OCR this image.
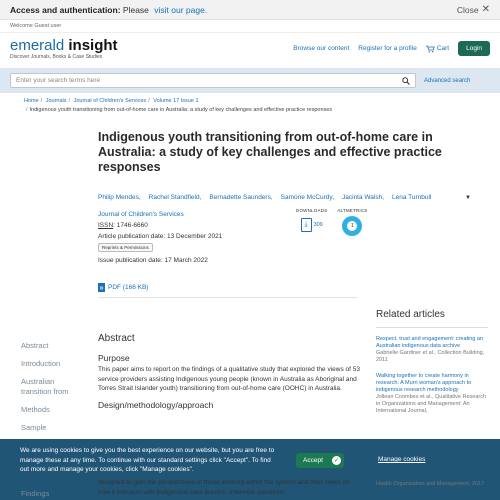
Access and authentication: Please visit our page.	Close ✕
Welcome Guest user
emerald insight
Discover Journals, Books & Case Studies
Browse our content Register for a profile	Cart	Login
Enter your search terms here	Advanced search
Home / Journals / Journal of Children's Services / Volume 17 Issue 1
/ Indigenous youth transitioning from out-of-home care in Australia: a study of key challenges and effective practice responses
Indigenous youth transitioning from out-of-home care in Australia: a study of key challenges and effective practice responses
Philip Mendes, Rachel Standfield, Bernadette Saunders, Samone McCurdy, Jacinta Walsh, Lena Turnbull	▼
Journal of Children's Services
ISSN: 1746-6660
Article publication date: 13 December 2021
Reprints & Permissions
Issue publication date: 17 March 2022
DOWNLOADS
⤓	309
ALTMETRICS
1
▤ PDF (166 KB)
Abstract
Introduction
Australian transition from
Methods
Sample
Abstract
Purpose

This paper aims to report on the findings of a qualitative study that explored the views of 53 service providers assisting Indigenous young people (known in Australia as Aboriginal and Torres Strait Islander youth) transitioning from out-of-home care (OOHC) in Australia.

Design/methodology/approach
Related articles
Respect, trust and engagement: creating an Australian indigenous data archive
Gabrielle Gardiner et al., Collection Building, 2011
Walking together to create harmony in research: A Murri woman's approach to indigenous research methodology
Jollean Coombes et al., Qualitative Research in Organizations and Management: An International Journal,
We are using cookies to give you the best experience on our website, but you are free to manage these at any time. To continue with our standard settings click "Accept". To find out more and manage your cookies, click "Manage cookies".
Accept	✓	Manage cookies
designed to gain the perspectives of those working within the system and their views on how it interacts with Indigenous care leavers. Interview questions
Findings
Health Organization and Management, 2017
